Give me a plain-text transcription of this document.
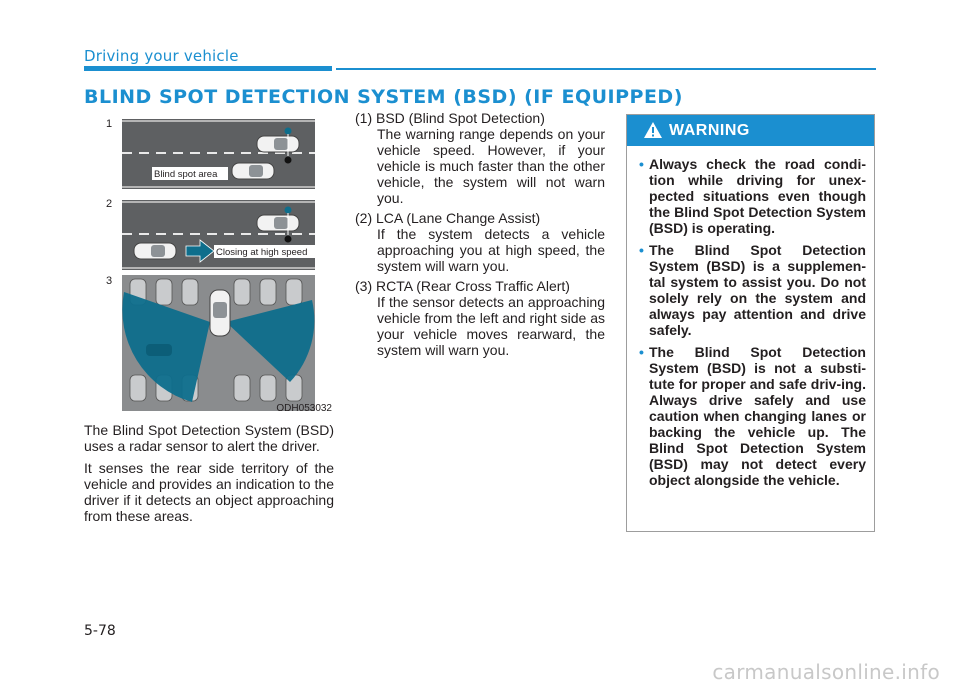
Driving your vehicle
BLIND SPOT DETECTION SYSTEM (BSD) (IF EQUIPPED)
Blind spot area
Closing at high speed
1
2
3
ODH053032

The Blind Spot Detection System (BSD) uses a radar sensor to alert the driver.

It senses the rear side territory of the vehicle and provides an indication to the driver if it detects an object approaching from these areas.

(1) BSD (Blind Spot Detection)

The warning range depends on your vehicle speed. However, if your vehicle is much faster than the other vehicle, the system will not warn you.

(2) LCA (Lane Change Assist)

If the system detects a vehicle approaching you at high speed, the system will warn you.

(3) RCTA (Rear Cross Traffic Alert)

If the sensor detects an approaching vehicle from the left and right side as your vehicle moves rearward, the system will warn you.

WARNING
• Always check the road condi-tion while driving for unex-pected situations even though the Blind Spot Detection System (BSD) is operating.
• The Blind Spot Detection System (BSD) is a supplemen-tal system to assist you. Do not solely rely on the system and always pay attention and drive safely.
• The Blind Spot Detection System (BSD) is not a substi-tute for proper and safe driv-ing. Always drive safely and use caution when changing lanes or backing the vehicle up. The Blind Spot Detection System (BSD) may not detect every object alongside the vehicle.
5-78
carmanualsonline.info
